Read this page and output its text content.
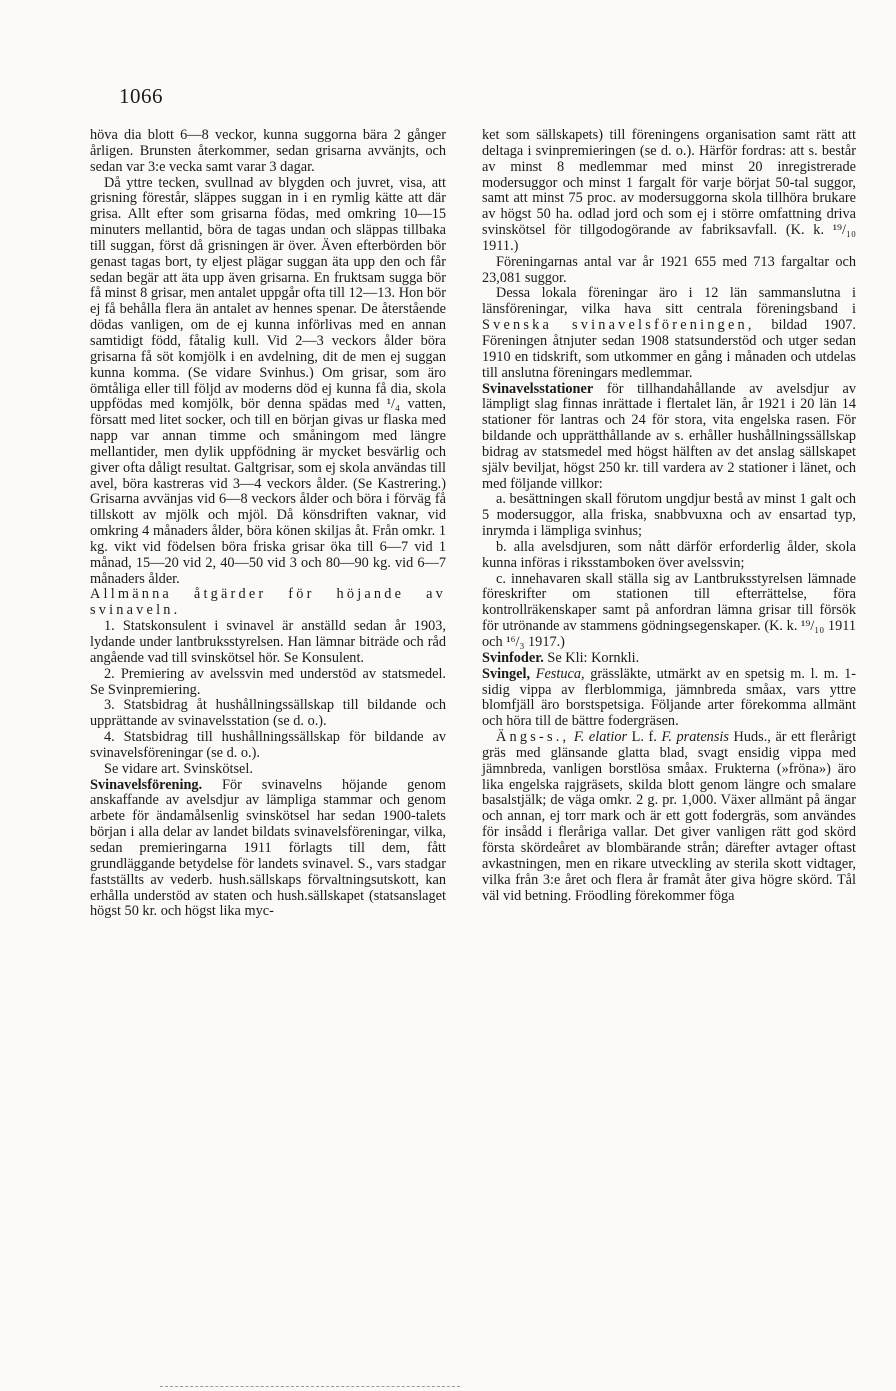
1066

höva dia blott 6—8 veckor, kunna suggorna bära 2 gånger årligen. Brunsten återkommer, sedan grisarna avvänjts, och sedan var 3:e vecka samt varar 3 dagar.

Då yttre tecken, svullnad av blygden och juvret, visa, att grisning förestår, släppes suggan in i en rymlig kätte att där grisa. Allt efter som grisarna födas, med omkring 10—15 minuters mellantid, böra de tagas undan och släppas tillbaka till suggan, först då grisningen är över. Även efterbörden bör genast tagas bort, ty eljest plägar suggan äta upp den och får sedan begär att äta upp även grisarna. En fruktsam sugga bör få minst 8 grisar, men antalet uppgår ofta till 12—13. Hon bör ej få behålla flera än antalet av hennes spenar. De återstående dödas vanligen, om de ej kunna införlivas med en annan samtidigt född, fåtalig kull. Vid 2—3 veckors ålder böra grisarna få söt komjölk i en avdelning, dit de men ej suggan kunna komma. (Se vidare Svinhus.) Om grisar, som äro ömtåliga eller till följd av moderns död ej kunna få dia, skola uppfödas med komjölk, bör denna spädas med ¹/₄ vatten, försatt med litet socker, och till en början givas ur flaska med napp var annan timme och småningom med längre mellantider, men dylik uppfödning är mycket besvärlig och giver ofta dåligt resultat. Galtgrisar, som ej skola användas till avel, böra kastreras vid 3—4 veckors ålder. (Se Kastrering.) Grisarna avvänjas vid 6—8 veckors ålder och böra i förväg få tillskott av mjölk och mjöl. Då könsdriften vaknar, vid omkring 4 månaders ålder, böra könen skiljas åt. Från omkr. 1 kg. vikt vid födelsen böra friska grisar öka till 6—7 vid 1 månad, 15—20 vid 2, 40—50 vid 3 och 80—90 kg. vid 6—7 månaders ålder.

Allmänna åtgärder för höjande av svinaveln.

1. Statskonsulent i svinavel är anställd sedan år 1903, lydande under lantbruksstyrelsen. Han lämnar biträde och råd angående vad till svinskötsel hör. Se Konsulent.

2. Premiering av avelssvin med understöd av statsmedel. Se Svinpremiering.

3. Statsbidrag åt hushållningssällskap till bildande och upprättande av svinavelsstation (se d. o.).

4. Statsbidrag till hushållningssällskap för bildande av svinavelsföreningar (se d. o.).

Se vidare art. Svinskötsel.

Svinavelsförening. För svinavelns höjande genom anskaffande av avelsdjur av lämpliga stammar och genom arbete för ändamålsenlig svinskötsel har sedan 1900-talets början i alla delar av landet bildats svinavelsföreningar, vilka, sedan premieringarna 1911 förlagts till dem, fått grundläggande betydelse för landets svinavel. S., vars stadgar fastställts av vederb. hush.sällskaps förvaltningsutskott, kan erhålla understöd av staten och hush.sällskapet (statsanslaget högst 50 kr. och högst lika myc-

ket som sällskapets) till föreningens organisation samt rätt att deltaga i svinpremieringen (se d. o.). Härför fordras: att s. består av minst 8 medlemmar med minst 20 inregistrerade modersuggor och minst 1 fargalt för varje börjat 50-tal suggor, samt att minst 75 proc. av modersuggorna skola tillhöra brukare av högst 50 ha. odlad jord och som ej i större omfattning driva svinskötsel för tillgodogörande av fabriksavfall. (K. k. ¹⁹/₁₀ 1911.)

Föreningarnas antal var år 1921 655 med 713 fargaltar och 23,081 suggor.

Dessa lokala föreningar äro i 12 län sammanslutna i länsföreningar, vilka hava sitt centrala föreningsband i Svenska svinavelsföreningen, bildad 1907. Föreningen åtnjuter sedan 1908 statsunderstöd och utger sedan 1910 en tidskrift, som utkommer en gång i månaden och utdelas till anslutna föreningars medlemmar.

Svinavelsstationer för tillhandahållande av avelsdjur av lämpligt slag finnas inrättade i flertalet län, år 1921 i 20 län 14 stationer för lantras och 24 för stora, vita engelska rasen. För bildande och upprätthållande av s. erhåller hushållningssällskap bidrag av statsmedel med högst hälften av det anslag sällskapet själv beviljat, högst 250 kr. till vardera av 2 stationer i länet, och med följande villkor:

a. besättningen skall förutom ungdjur bestå av minst 1 galt och 5 modersuggor, alla friska, snabbvuxna och av ensartad typ, inrymda i lämpliga svinhus;

b. alla avelsdjuren, som nått därför erforderlig ålder, skola kunna införas i riksstamboken över avelssvin;

c. innehavaren skall ställa sig av Lantbruksstyrelsen lämnade föreskrifter om stationen till efterrättelse, föra kontrollräkenskaper samt på anfordran lämna grisar till försök för utrönande av stammens gödningsegenskaper. (K. k. ¹⁹/₁₀ 1911 och ¹⁶/₃ 1917.)

Svinfoder. Se Kli: Kornkli.

Svingel, Festuca, grässläkte, utmärkt av en spetsig m. l. m. 1-sidig vippa av flerblommiga, jämnbreda småax, vars yttre blomfjäll äro borstspetsiga. Följande arter förekomma allmänt och höra till de bättre fodergräsen.

Ängs-s., F. elatior L. f. F. pratensis Huds., är ett flerårigt gräs med glänsande glatta blad, svagt ensidig vippa med jämnbreda, vanligen borstlösa småax. Frukterna (»fröna») äro lika engelska rajgräsets, skilda blott genom längre och smalare basalstjälk; de väga omkr. 2 g. pr. 1,000. Växer allmänt på ängar och annan, ej torr mark och är ett gott fodergräs, som användes för insådd i fleråriga vallar. Det giver vanligen rätt god skörd första skördeåret av blombärande strån; därefter avtager oftast avkastningen, men en rikare utveckling av sterila skott vidtager, vilka från 3:e året och flera år framåt åter giva högre skörd. Tål väl vid betning. Fröodling förekommer föga
